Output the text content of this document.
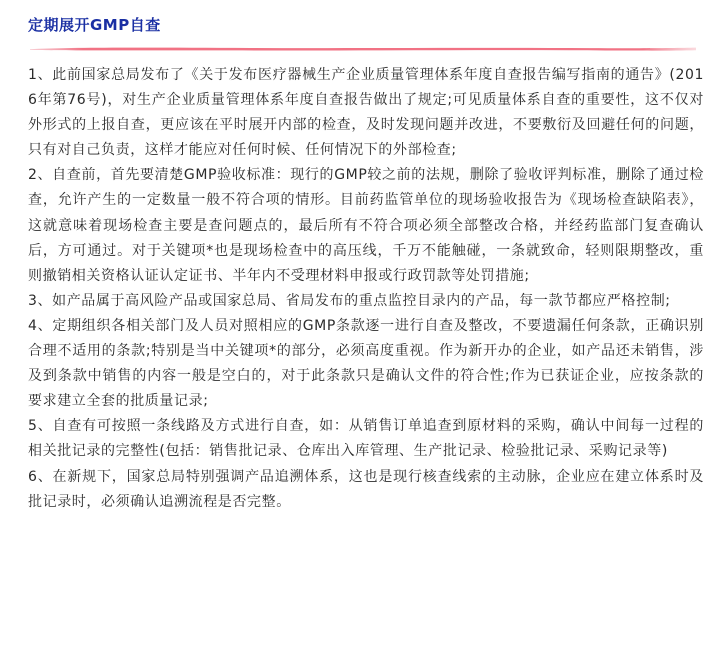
定期展开GMP自查

1、此前国家总局发布了《关于发布医疗器械生产企业质量管理体系年度自查报告编写指南的通告》(2016年第76号)，对生产企业质量管理体系年度自查报告做出了规定;可见质量体系自查的重要性，这不仅对外形式的上报自查，更应该在平时展开内部的检查，及时发现问题并改进，不要敷衍及回避任何的问题，只有对自己负责，这样才能应对任何时候、任何情况下的外部检查;

2、自查前，首先要清楚GMP验收标准：现行的GMP较之前的法规，删除了验收评判标准，删除了通过检查，允许产生的一定数量一般不符合项的情形。目前药监管单位的现场验收报告为《现场检查缺陷表》，这就意味着现场检查主要是查问题点的，最后所有不符合项必须全部整改合格，并经药监部门复查确认后，方可通过。对于关键项*也是现场检查中的高压线，千万不能触碰，一条就致命，轻则限期整改，重则撤销相关资格认证认定证书、半年内不受理材料申报或行政罚款等处罚措施;

3、如产品属于高风险产品或国家总局、省局发布的重点监控目录内的产品，每一款节都应严格控制;

4、定期组织各相关部门及人员对照相应的GMP条款逐一进行自查及整改，不要遗漏任何条款，正确识别合理不适用的条款;特别是当中关键项*的部分，必须高度重视。作为新开办的企业，如产品还未销售，涉及到条款中销售的内容一般是空白的，对于此条款只是确认文件的符合性;作为已获证企业，应按条款的要求建立全套的批质量记录;

5、自查有可按照一条线路及方式进行自查，如：从销售订单追查到原材料的采购，确认中间每一过程的相关批记录的完整性(包括：销售批记录、仓库出入库管理、生产批记录、检验批记录、采购记录等)

6、在新规下，国家总局特别强调产品追溯体系，这也是现行核查线索的主动脉，企业应在建立体系时及批记录时，必须确认追溯流程是否完整。
